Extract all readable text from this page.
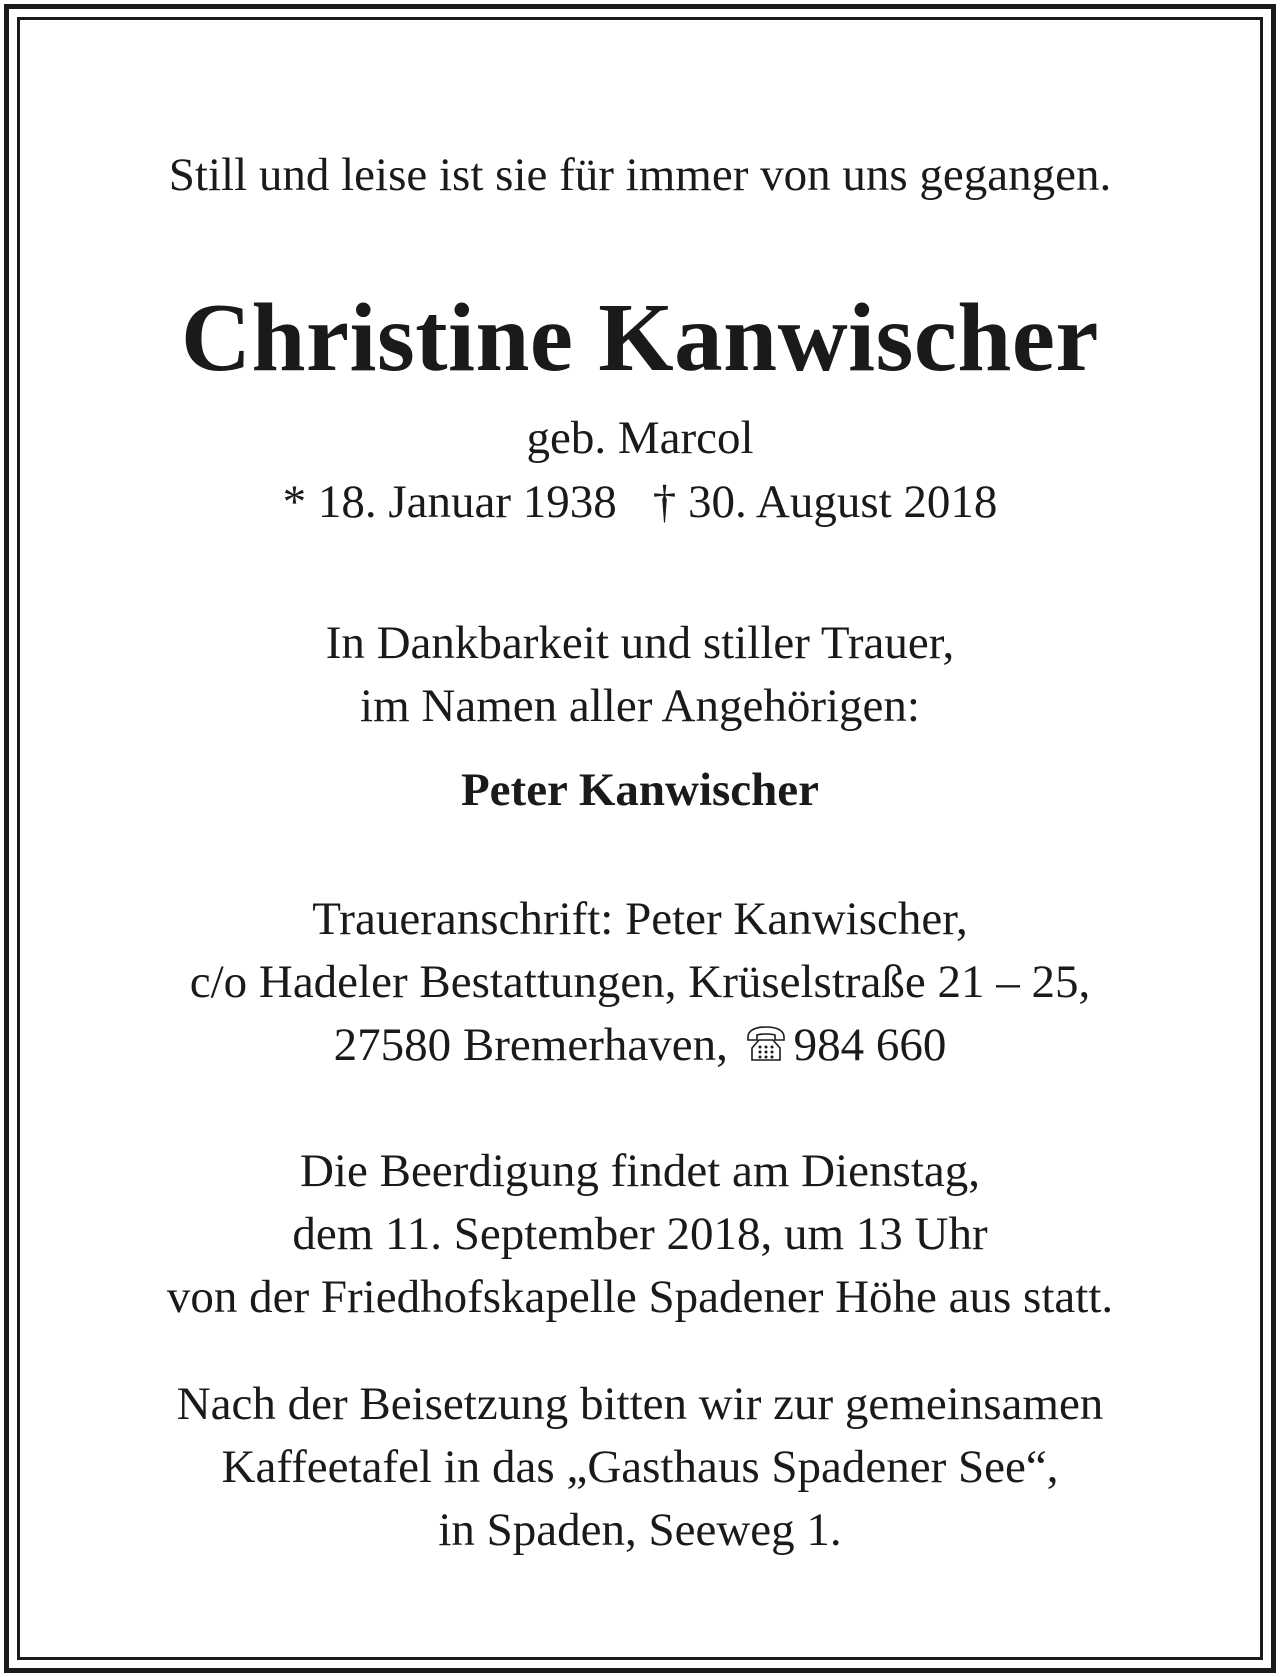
Still und leise ist sie für immer von uns gegangen.
Christine Kanwischer
geb. Marcol
* 18. Januar 1938 † 30. August 2018
In Dankbarkeit und stiller Trauer,
im Namen aller Angehörigen:
Peter Kanwischer
Traueranschrift: Peter Kanwischer,
c/o Hadeler Bestattungen, Krüselstraße 21 – 25,
27580 Bremerhaven, 984 660
Die Beerdigung findet am Dienstag,
dem 11. September 2018, um 13 Uhr
von der Friedhofskapelle Spadener Höhe aus statt.
Nach der Beisetzung bitten wir zur gemeinsamen
Kaffeetafel in das „Gasthaus Spadener See“,
in Spaden, Seeweg 1.
